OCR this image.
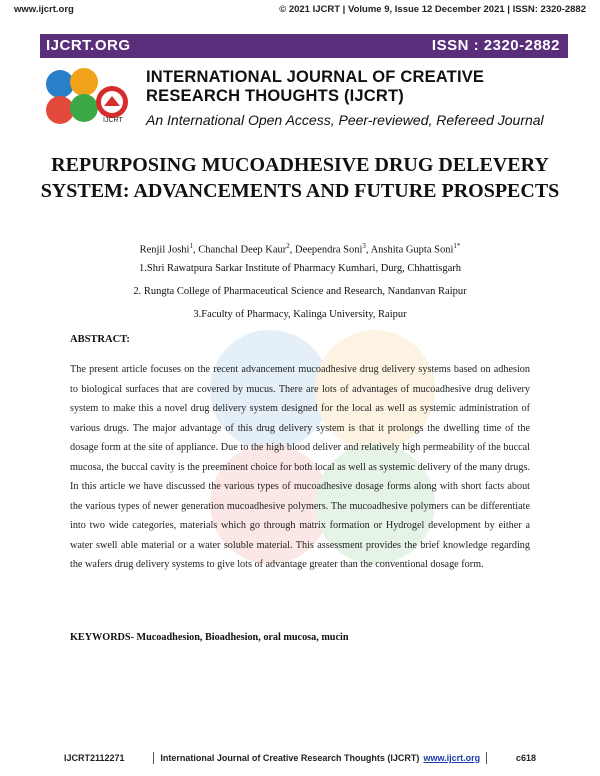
www.ijcrt.org	© 2021 IJCRT | Volume 9, Issue 12 December 2021 | ISSN: 2320-2882
IJCRT.ORG	ISSN : 2320-2882
IJCRT
INTERNATIONAL JOURNAL OF CREATIVE
RESEARCH THOUGHTS (IJCRT)
An International Open Access, Peer-reviewed, Refereed Journal
REPURPOSING MUCOADHESIVE DRUG DELEVERY SYSTEM: ADVANCEMENTS AND FUTURE PROSPECTS
Renjil Joshi$^1$, Chanchal Deep Kaur$^2$, Deependra Soni$^3$, Anshita Gupta Soni$^{1*}$
1.Shri Rawatpura Sarkar Institute of Pharmacy Kumhari, Durg, Chhattisgarh
2. Rungta College of Pharmaceutical Science and Research, Nandanvan Raipur
3.Faculty of Pharmacy, Kalinga University, Raipur
ABSTRACT:
The present article focuses on the recent advancement mucoadhesive drug delivery systems based on adhesion to biological surfaces that are covered by mucus. There are lots of advantages of mucoadhesive drug delivery system to make this a novel drug delivery system designed for the local as well as systemic administration of various drugs. The major advantage of this drug delivery system is that it prolongs the dwelling time of the dosage form at the site of appliance. Due to the high blood deliver and relatively high permeability of the buccal mucosa, the buccal cavity is the preeminent choice for both local as well as systemic delivery of the many drugs. In this article we have discussed the various types of mucoadhesive dosage forms along with short facts about the various types of newer generation mucoadhesive polymers. The mucoadhesive polymers can be differentiate into two wide categories, materials which go through matrix formation or Hydrogel development by either a water swell able material or a water soluble material. This assessment provides the brief knowledge regarding the wafers drug delivery systems to give lots of advantage greater than the conventional dosage form.
KEYWORDS- Mucoadhesion, Bioadhesion, oral mucosa, mucin
IJCRT2112271	International Journal of Creative Research Thoughts (IJCRT) www.ijcrt.org	c618
